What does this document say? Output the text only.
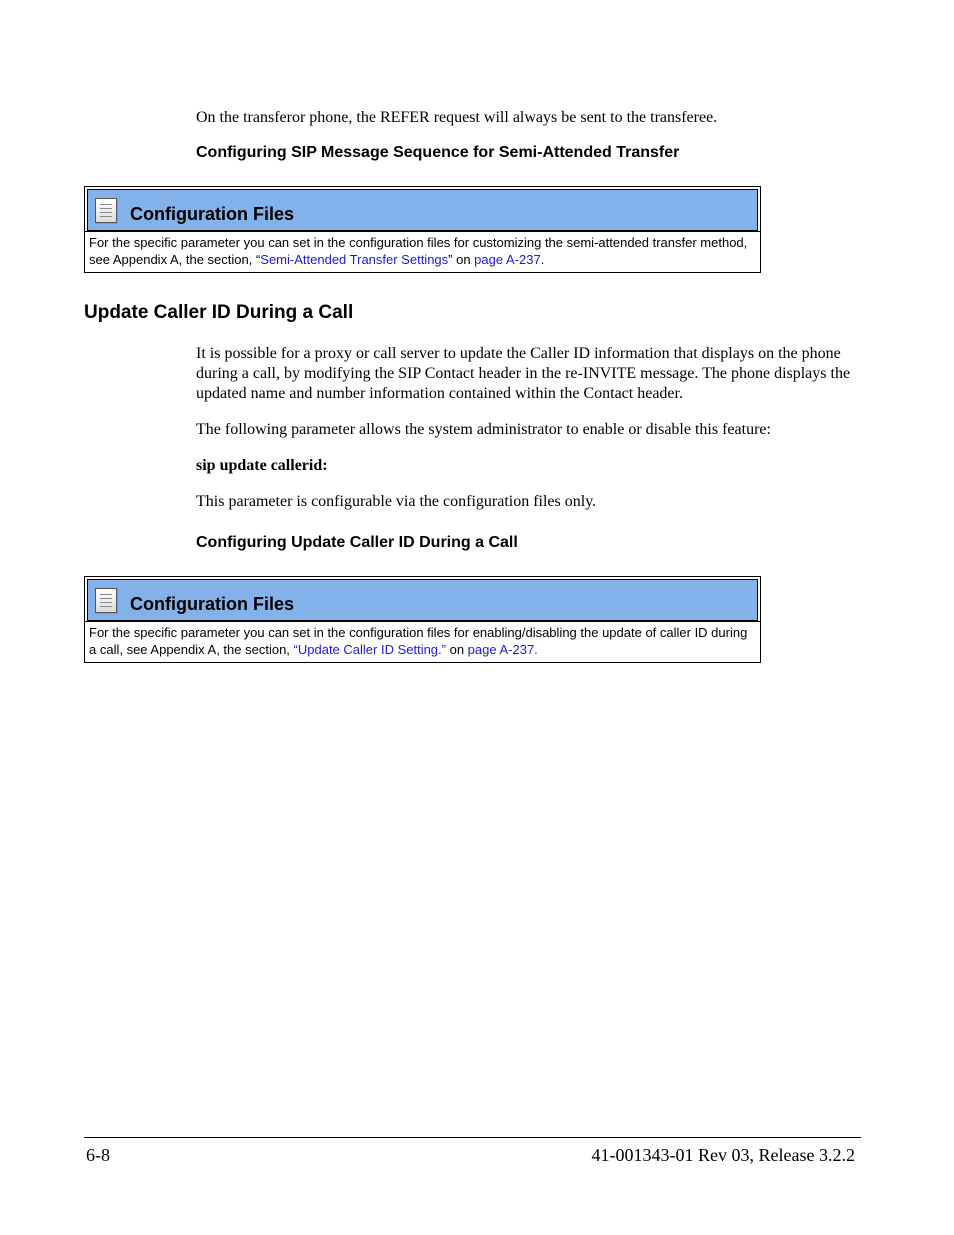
On the transferor phone, the REFER request will always be sent to the transferee.
Configuring SIP Message Sequence for Semi-Attended Transfer
Configuration Files
For the specific parameter you can set in the configuration files for customizing the semi-attended transfer method, see Appendix A, the section, “Semi-Attended Transfer Settings” on page A-237.
Update Caller ID During a Call
It is possible for a proxy or call server to update the Caller ID information that displays on the phone during a call, by modifying the SIP Contact header in the re-INVITE message. The phone displays the updated name and number information contained within the Contact header.
The following parameter allows the system administrator to enable or disable this feature:
sip update callerid:
This parameter is configurable via the configuration files only.
Configuring Update Caller ID During a Call
Configuration Files
For the specific parameter you can set in the configuration files for enabling/disabling the update of caller ID during a call, see Appendix A, the section, “Update Caller ID Setting.” on page A-237.
6-8	41-001343-01 Rev 03, Release 3.2.2
